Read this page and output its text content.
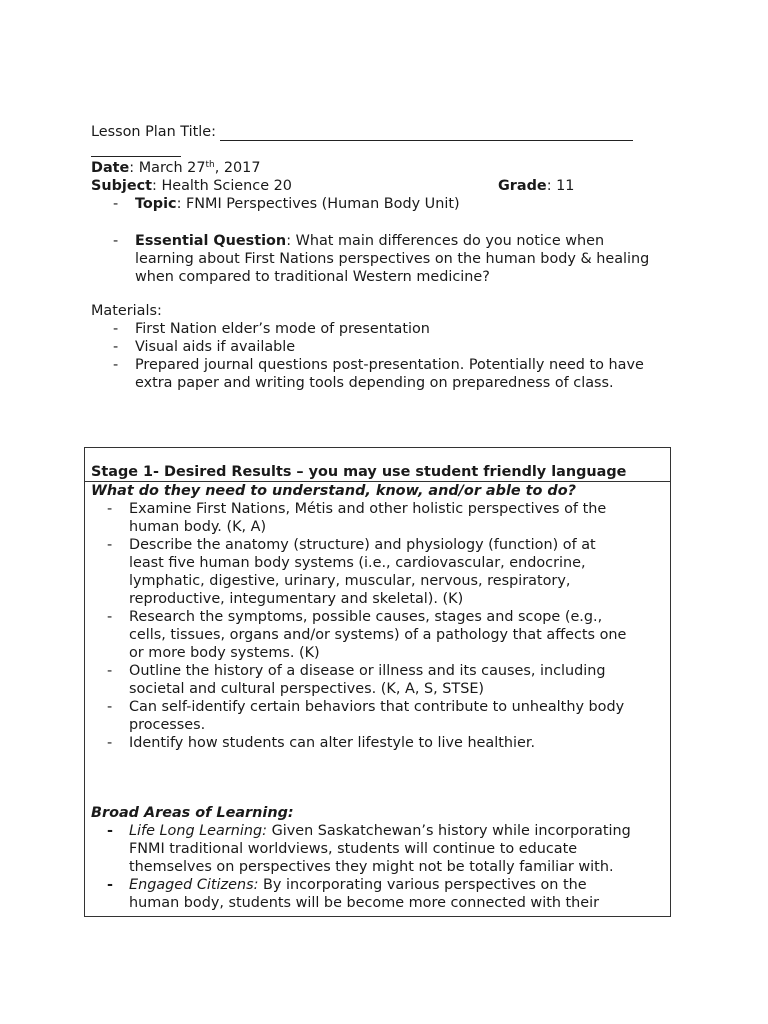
Lesson Plan Title:
Date: March 27th, 2017
Subject: Health Science 20	Grade: 11
- Topic: FNMI Perspectives (Human Body Unit)
- Essential Question: What main differences do you notice when
learning about First Nations perspectives on the human body & healing
when compared to traditional Western medicine?
Materials:
- First Nation elder’s mode of presentation
- Visual aids if available
- Prepared journal questions post-presentation. Potentially need to have
extra paper and writing tools depending on preparedness of class.
Stage 1- Desired Results – you may use student friendly language
What do they need to understand, know, and/or able to do?
- Examine First Nations, Métis and other holistic perspectives of the
human body. (K, A)
- Describe the anatomy (structure) and physiology (function) of at
least five human body systems (i.e., cardiovascular, endocrine,
lymphatic, digestive, urinary, muscular, nervous, respiratory,
reproductive, integumentary and skeletal). (K)
- Research the symptoms, possible causes, stages and scope (e.g.,
cells, tissues, organs and/or systems) of a pathology that affects one
or more body systems. (K)
- Outline the history of a disease or illness and its causes, including
societal and cultural perspectives. (K, A, S, STSE)
- Can self-identify certain behaviors that contribute to unhealthy body
processes.
- Identify how students can alter lifestyle to live healthier.
Broad Areas of Learning:
- Life Long Learning: Given Saskatchewan’s history while incorporating
FNMI traditional worldviews, students will continue to educate
themselves on perspectives they might not be totally familiar with.
- Engaged Citizens: By incorporating various perspectives on the
human body, students will be become more connected with their
